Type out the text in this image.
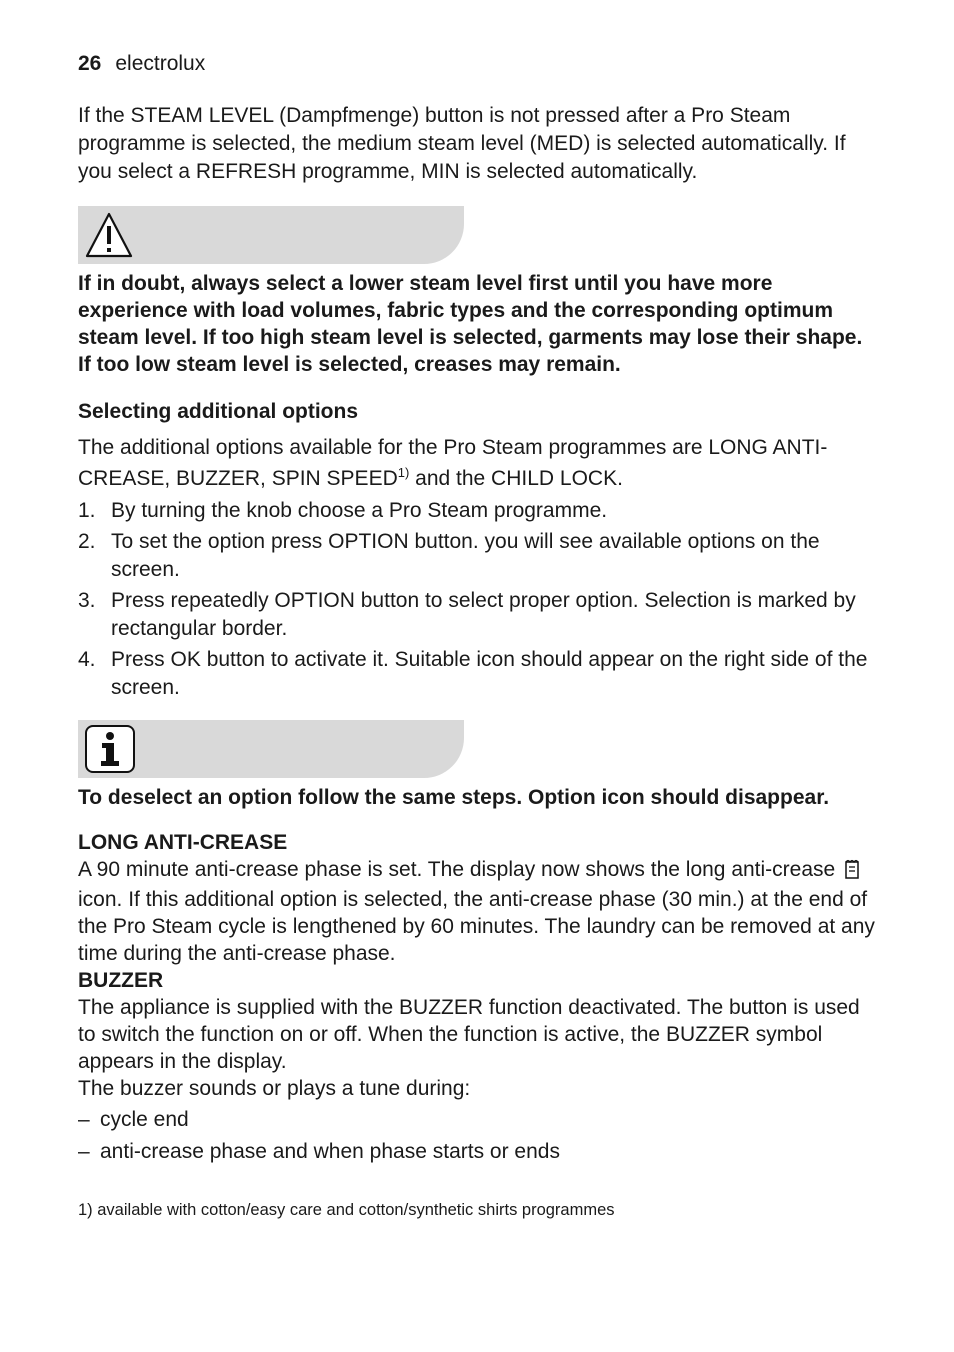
26 electrolux

If the STEAM LEVEL (Dampfmenge) button is not pressed after a Pro Steam programme is selected, the medium steam level (MED) is selected automatically. If you select a REFRESH programme, MIN is selected automatically.

If in doubt, always select a lower steam level first until you have more experience with load volumes, fabric types and the corresponding optimum steam level. If too high steam level is selected, garments may lose their shape. If too low steam level is selected, creases may remain.

Selecting additional options

The additional options available for the Pro Steam programmes are LONG ANTI-CREASE, BUZZER, SPIN SPEED$^{1)}$ and the CHILD LOCK.

1. By turning the knob choose a Pro Steam programme.
2. To set the option press OPTION button. you will see available options on the screen.
3. Press repeatedly OPTION button to select proper option. Selection is marked by rectangular border.
4. Press OK button to activate it. Suitable icon should appear on the right side of the screen.

To deselect an option follow the same steps. Option icon should disappear.

LONG ANTI-CREASE

A 90 minute anti-crease phase is set. The display now shows the long anti-crease icon. If this additional option is selected, the anti-crease phase (30 min.) at the end of the Pro Steam cycle is lengthened by 60 minutes. The laundry can be removed at any time during the anti-crease phase.

BUZZER

The appliance is supplied with the BUZZER function deactivated. The button is used to switch the function on or off. When the function is active, the BUZZER symbol appears in the display.

The buzzer sounds or plays a tune during:

– cycle end
– anti-crease phase and when phase starts or ends

1) available with cotton/easy care and cotton/synthetic shirts programmes
